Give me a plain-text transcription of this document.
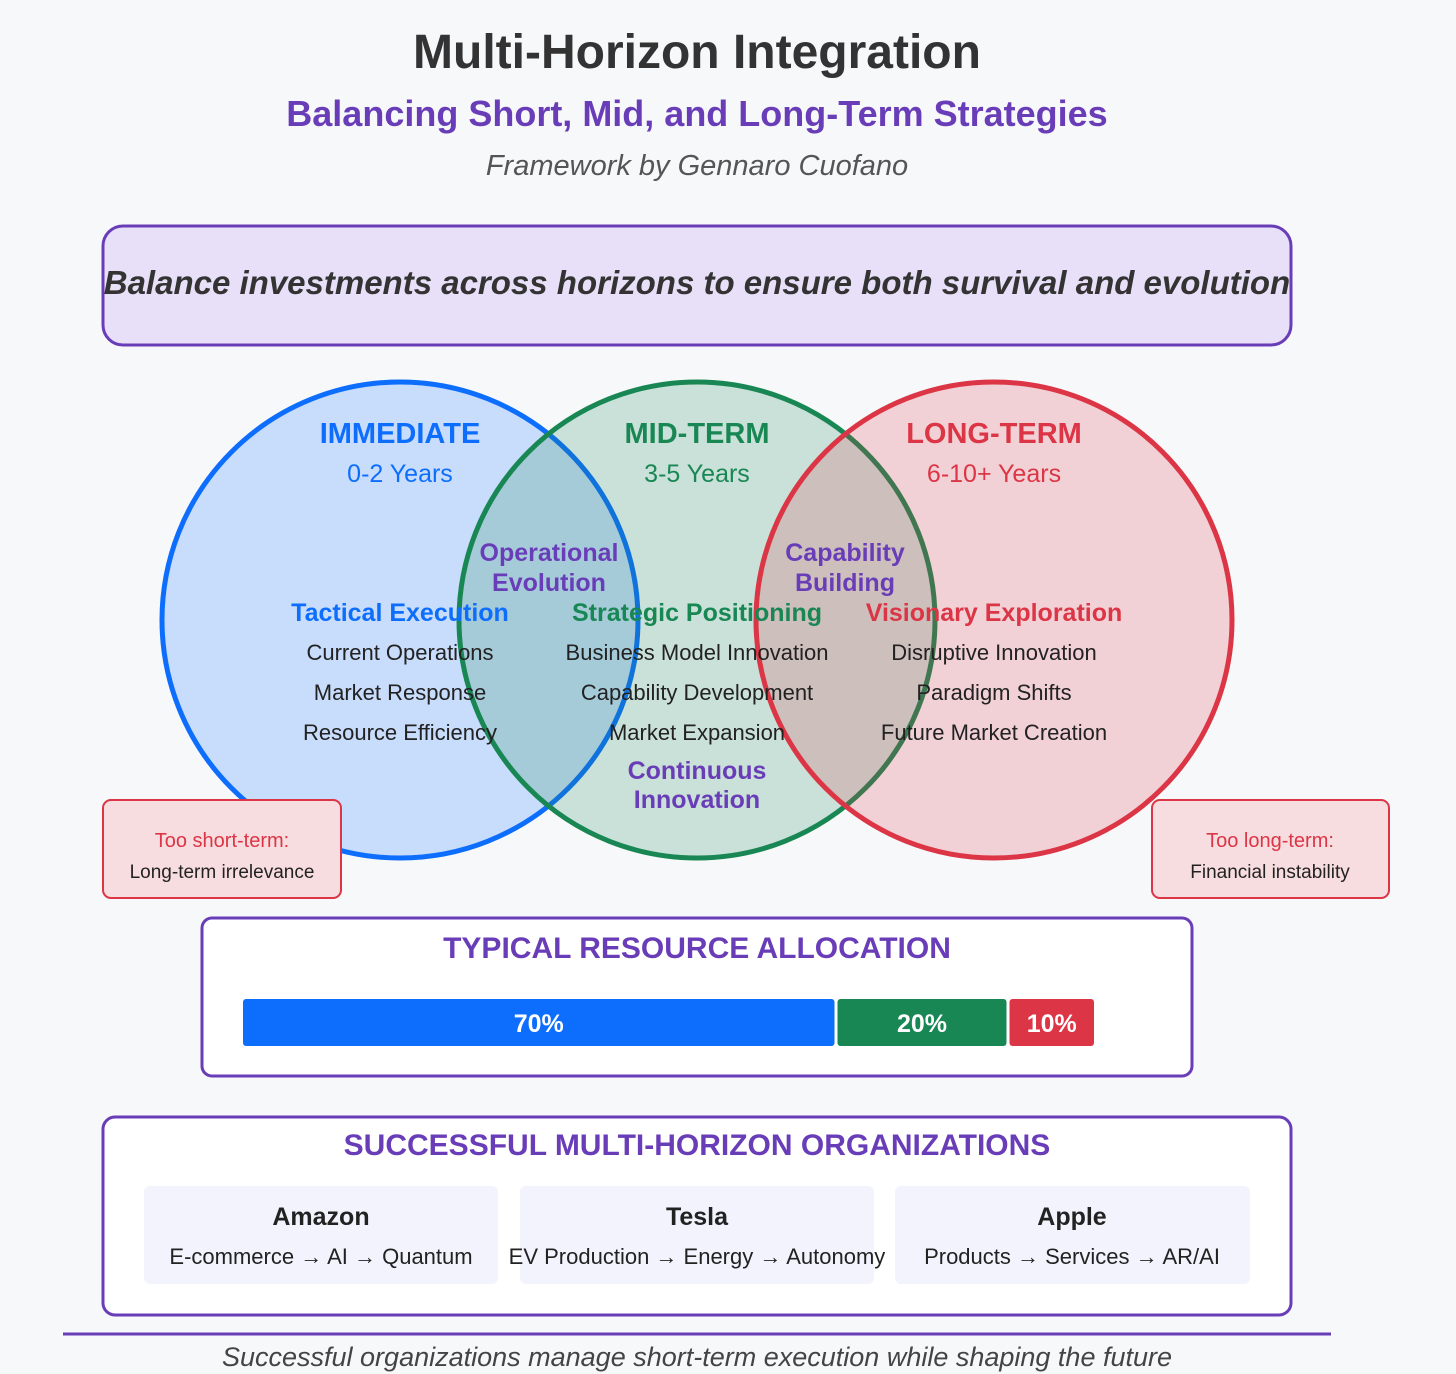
Multi-Horizon Integration
Balancing Short, Mid, and Long-Term Strategies
Framework by Gennaro Cuofano
Balance investments across horizons to ensure both survival and evolution
IMMEDIATE
0-2 Years
Tactical Execution
Current Operations
Market Response
Resource Efficiency
MID-TERM
3-5 Years
Strategic Positioning
Business Model Innovation
Capability Development
Market Expansion
LONG-TERM
6-10+ Years
Visionary Exploration
Disruptive Innovation
Paradigm Shifts
Future Market Creation
Operational
Evolution
Capability
Building
Continuous
Innovation
Too short-term:
Long-term irrelevance
Too long-term:
Financial instability
TYPICAL RESOURCE ALLOCATION
70%	20%	10%
SUCCESSFUL MULTI-HORIZON ORGANIZATIONS
Amazon
E-commerce → AI → Quantum
Tesla
EV Production → Energy → Autonomy
Apple
Products → Services → AR/AI
Successful organizations manage short-term execution while shaping the future
